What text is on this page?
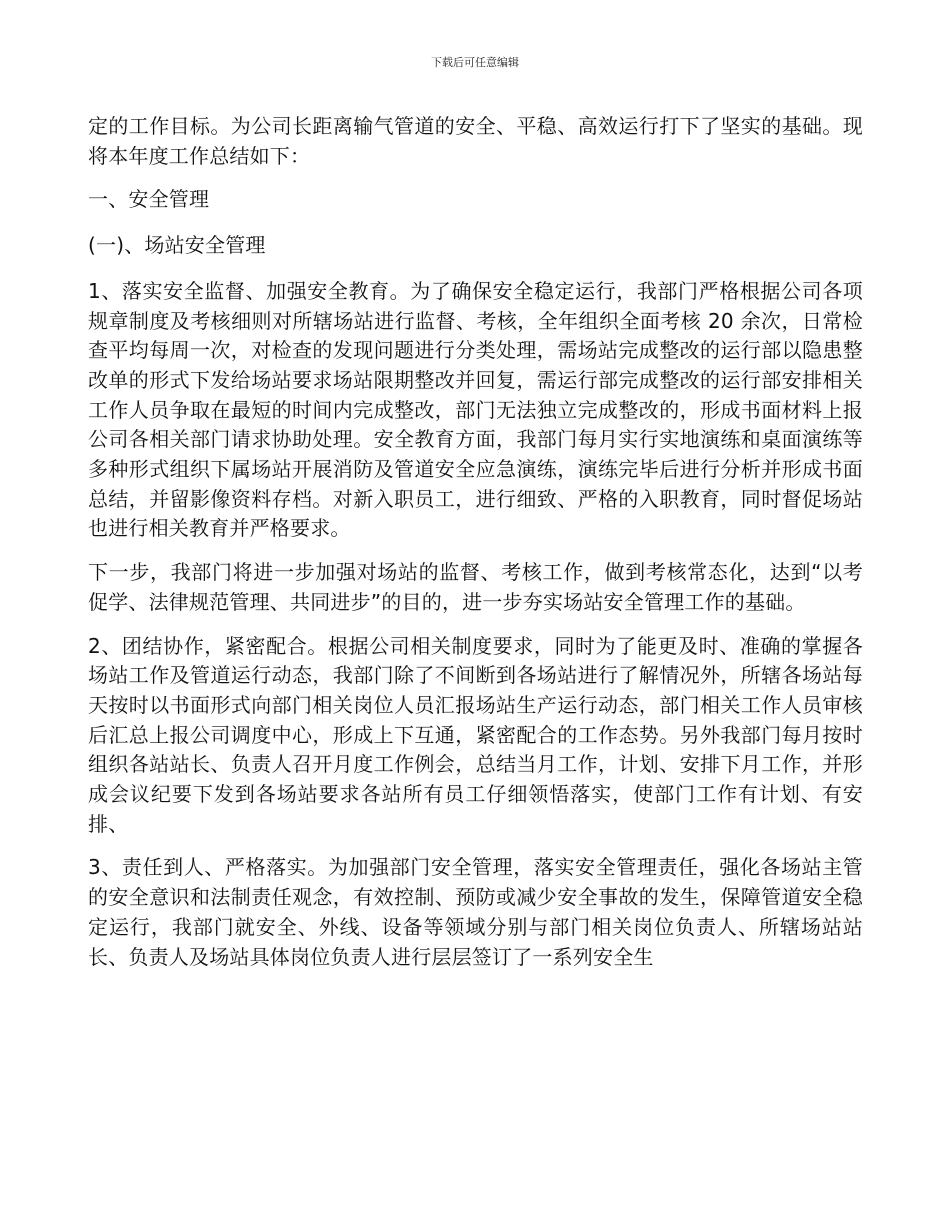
下载后可任意编辑

定的工作目标。为公司长距离输气管道的安全、平稳、高效运行打下了坚实的基础。现将本年度工作总结如下：

一、安全管理

(一)、场站安全管理

1、落实安全监督、加强安全教育。为了确保安全稳定运行，我部门严格根据公司各项规章制度及考核细则对所辖场站进行监督、考核，全年组织全面考核 20 余次，日常检查平均每周一次，对检查的发现问题进行分类处理，需场站完成整改的运行部以隐患整改单的形式下发给场站要求场站限期整改并回复，需运行部完成整改的运行部安排相关工作人员争取在最短的时间内完成整改，部门无法独立完成整改的，形成书面材料上报公司各相关部门请求协助处理。安全教育方面，我部门每月实行实地演练和桌面演练等多种形式组织下属场站开展消防及管道安全应急演练，演练完毕后进行分析并形成书面总结，并留影像资料存档。对新入职员工，进行细致、严格的入职教育，同时督促场站也进行相关教育并严格要求。

下一步，我部门将进一步加强对场站的监督、考核工作，做到考核常态化，达到“以考促学、法律规范管理、共同进步”的目的，进一步夯实场站安全管理工作的基础。

2、团结协作，紧密配合。根据公司相关制度要求，同时为了能更及时、准确的掌握各场站工作及管道运行动态，我部门除了不间断到各场站进行了解情况外，所辖各场站每天按时以书面形式向部门相关岗位人员汇报场站生产运行动态，部门相关工作人员审核后汇总上报公司调度中心，形成上下互通，紧密配合的工作态势。另外我部门每月按时组织各站站长、负责人召开月度工作例会，总结当月工作，计划、安排下月工作，并形成会议纪要下发到各场站要求各站所有员工仔细领悟落实，使部门工作有计划、有安排、

3、责任到人、严格落实。为加强部门安全管理，落实安全管理责任，强化各场站主管的安全意识和法制责任观念，有效控制、预防或减少安全事故的发生，保障管道安全稳定运行，我部门就安全、外线、设备等领域分别与部门相关岗位负责人、所辖场站站长、负责人及场站具体岗位负责人进行层层签订了一系列安全生
